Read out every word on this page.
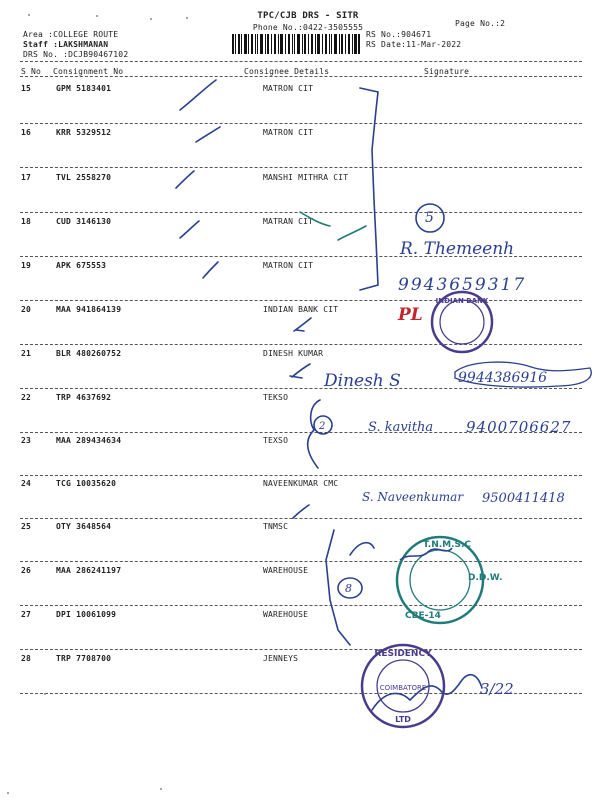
TPC/CJB DRS - SITR
Phone No.:0422-3505555	Page No.:2
Area :COLLEGE ROUTE
Staff :LAKSHMANAN
DRS No. :DCJB90467102
RS No.:904671
RS Date:11-Mar-2022
S No Consignment No	Consignee Details	Signature
15	GPM 5183401	MATRON CIT
16	KRR 5329512	MATRON CIT
17	TVL 2558270	MANSHI MITHRA CIT
18	CUD 3146130	MATRAN CIT
19	APK 675553	MATRON CIT
20	MAA 941864139	INDIAN BANK CIT
21	BLR 480260752	DINESH KUMAR
22	TRP 4637692	TEKSO
23	MAA 289434634	TEXSO
24	TCG 10035620	NAVEENKUMAR CMC
25	OTY 3648564	TNMSC
26	MAA 286241197	WAREHOUSE
27	DPI 10061099	WAREHOUSE
28	TRP 7708700	JENNEYS
5
R. Themeenh
9943659317
Dinesh S	9944386916
2	S. kavitha 9400706627
S. Naveenkumar 9500411418
8
3/22
PL
INDIAN BANK
T.N.M.S.C
D.D.W.
CBE-14
RESIDENCY
COIMBATORE
LTD
